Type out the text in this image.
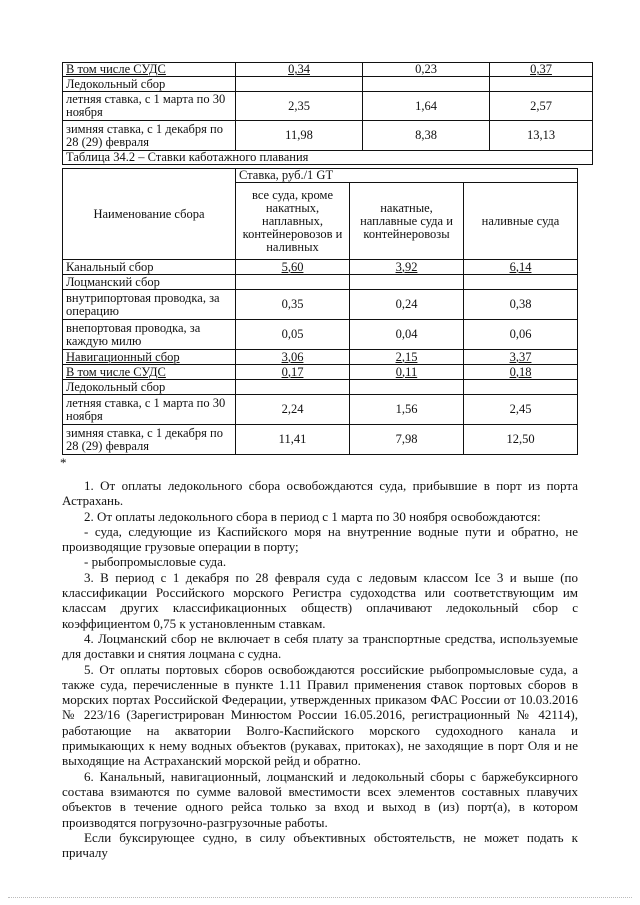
В том числе СУДС	0,34	0,23	0,37
Ледокольный сбор			
летняя ставка, с 1 марта по 30 ноября	2,35	1,64	2,57
зимняя ставка, с 1 декабря по 28 (29) февраля	11,98	8,38	13,13
Таблица 34.2 – Ставки каботажного плавания			
Наименование сбора	Ставка, руб./1 GT		
	все суда, кроме накатных, наплавных, контейнеровозов и наливных	накатные, наплавные суда и контейнеровозы	наливные суда
Канальный сбор	5,60	3,92	6,14
Лоцманский сбор			
внутрипортовая проводка, за операцию	0,35	0,24	0,38
внепортовая проводка, за каждую милю	0,05	0,04	0,06
Навигационный сбор	3,06	2,15	3,37
В том числе СУДС	0,17	0,11	0,18
Ледокольный сбор			
летняя ставка, с 1 марта по 30 ноября	2,24	1,56	2,45
зимняя ставка, с 1 декабря по 28 (29) февраля	11,41	7,98	12,50
*

1. От оплаты ледокольного сбора освобождаются суда, прибывшие в порт из порта Астрахань.

2. От оплаты ледокольного сбора в период с 1 марта по 30 ноября освобождаются:

- суда, следующие из Каспийского моря на внутренние водные пути и обратно, не производящие грузовые операции в порту;

- рыбопромысловые суда.

3. В период с 1 декабря по 28 февраля суда с ледовым классом Ice 3 и выше (по классификации Российского морского Регистра судоходства или соответствующим им классам других классификационных обществ) оплачивают ледокольный сбор с коэффициентом 0,75 к установленным ставкам.

4. Лоцманский сбор не включает в себя плату за транспортные средства, используемые для доставки и снятия лоцмана с судна.

5. От оплаты портовых сборов освобождаются российские рыбопромысловые суда, а также суда, перечисленные в пункте 1.11 Правил применения ставок портовых сборов в морских портах Российской Федерации, утвержденных приказом ФАС России от 10.03.2016 № 223/16 (Зарегистрирован Минюстом России 16.05.2016, регистрационный № 42114), работающие на акватории Волго-Каспийского морского судоходного канала и примыкающих к нему водных объектов (рукавах, притоках), не заходящие в порт Оля и не выходящие на Астраханский морской рейд и обратно.

6. Канальный, навигационный, лоцманский и ледокольный сборы с баржебуксирного состава взимаются по сумме валовой вместимости всех элементов составных плавучих объектов в течение одного рейса только за вход и выход в (из) порт(а), в котором производятся погрузочно-разгрузочные работы.

Если буксирующее судно, в силу объективных обстоятельств, не может подать к причалу
